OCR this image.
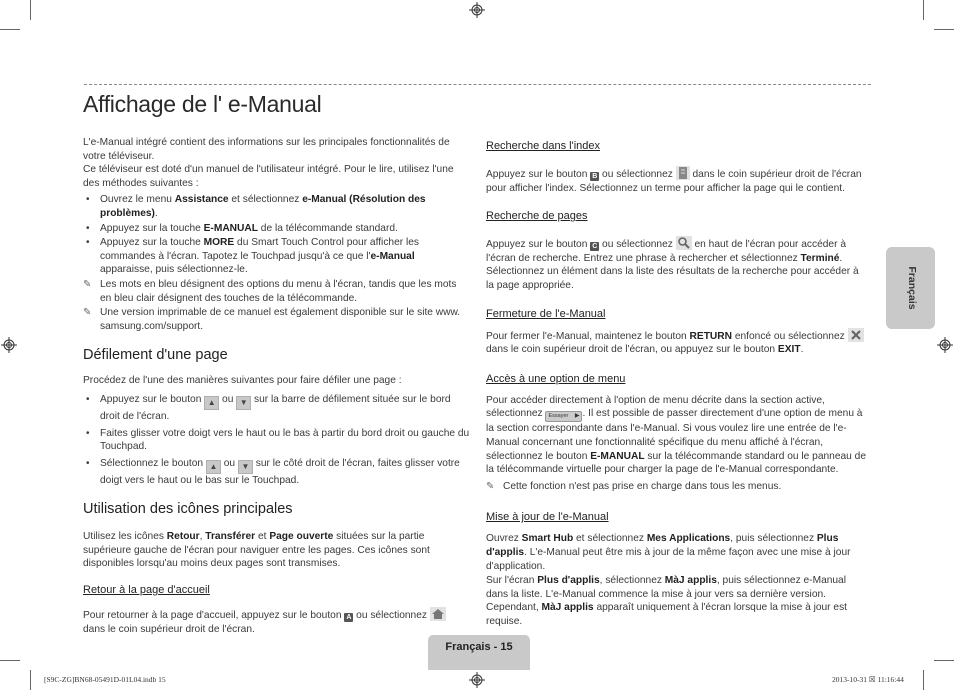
Affichage de l' e-Manual

L'e-Manual intégré contient des informations sur les principales fonctionnalités de votre téléviseur.

Ce téléviseur est doté d'un manuel de l'utilisateur intégré. Pour le lire, utilisez l'une des méthodes suivantes :

• Ouvrez le menu Assistance et sélectionnez e-Manual (Résolution des problèmes).
• Appuyez sur la touche E-MANUAL de la télécommande standard.
• Appuyez sur la touche MORE du Smart Touch Control pour afficher les commandes à l'écran. Tapotez le Touchpad jusqu'à ce que l'e-Manual apparaisse, puis sélectionnez-le.
✎ Les mots en bleu désignent des options du menu à l'écran, tandis que les mots en bleu clair désignent des touches de la télécommande.
✎ Une version imprimable de ce manuel est également disponible sur le site www. samsung.com/support.
Défilement d'une page

Procédez de l'une des manières suivantes pour faire défiler une page :

• Appuyez sur le bouton ▲ ou ▼ sur la barre de défilement située sur le bord droit de l'écran.
• Faites glisser votre doigt vers le haut ou le bas à partir du bord droit ou gauche du Touchpad.
• Sélectionnez le bouton ▲ ou ▼ sur le côté droit de l'écran, faites glisser votre doigt vers le haut ou le bas sur le Touchpad.
Utilisation des icônes principales

Utilisez les icônes Retour, Transférer et Page ouverte situées sur la partie supérieure gauche de l'écran pour naviguer entre les pages. Ces icônes sont disponibles lorsqu'au moins deux pages sont transmises.

Retour à la page d'accueil

Pour retourner à la page d'accueil, appuyez sur le bouton A ou sélectionnez  dans le coin supérieur droit de l'écran.

Recherche dans l'index

Appuyez sur le bouton B ou sélectionnez  dans le coin supérieur droit de l'écran pour afficher l'index. Sélectionnez un terme pour afficher la page qui le contient.

Recherche de pages

Appuyez sur le bouton C ou sélectionnez  en haut de l'écran pour accéder à l'écran de recherche. Entrez une phrase à rechercher et sélectionnez Terminé. Sélectionnez un élément dans la liste des résultats de la recherche pour accéder à la page appropriée.

Fermeture de l'e-Manual

Pour fermer l'e-Manual, maintenez le bouton RETURN enfoncé ou sélectionnez  dans le coin supérieur droit de l'écran, ou appuyez sur le bouton EXIT.

Accès à une option de menu

Pour accéder directement à l'option de menu décrite dans la section active, sélectionnez Essayer ▶ . Il est possible de passer directement d'une option de menu à la section correspondante dans l'e-Manual. Si vous voulez lire une entrée de l'e-Manual concernant une fonctionnalité spécifique du menu affiché à l'écran, sélectionnez le bouton E-MANUAL sur la télécommande standard ou le panneau de la télécommande virtuelle pour charger la page de l'e-Manual correspondante.

✎ Cette fonction n'est pas prise en charge dans tous les menus.
Mise à jour de l'e-Manual

Ouvrez Smart Hub et sélectionnez Mes Applications, puis sélectionnez Plus d'applis. L'e-Manual peut être mis à jour de la même façon avec une mise à jour d'application.

Sur l'écran Plus d'applis, sélectionnez MàJ applis, puis sélectionnez e-Manual dans la liste. L'e-Manual commence la mise à jour vers sa dernière version. Cependant, MàJ applis apparaît uniquement à l'écran lorsque la mise à jour est requise.

Français
Français - 15
[S9C-ZG]BN68-05491D-01L04.indb 15	2013-10-31 ☒ 11:16:44
